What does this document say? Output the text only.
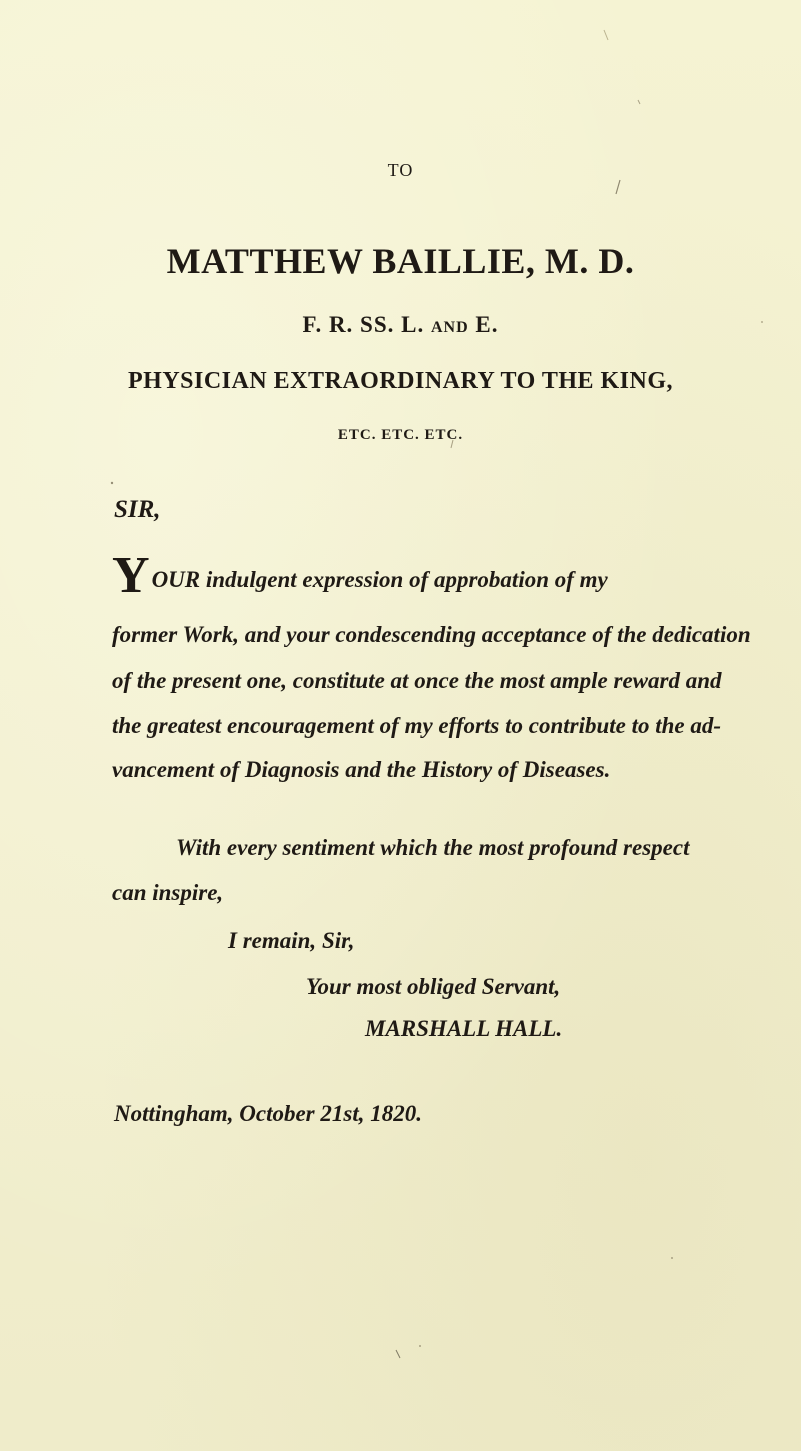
TO
MATTHEW BAILLIE, M. D.
F. R. SS. L. AND E.
PHYSICIAN EXTRAORDINARY TO THE KING,
ETC. ETC. ETC.
SIR,
YOUR indulgent expression of approbation of my
former Work, and your condescending acceptance of the dedication
of the present one, constitute at once the most ample reward and
the greatest encouragement of my efforts to contribute to the ad-
vancement of Diagnosis and the History of Diseases.
With every sentiment which the most profound respect
can inspire,
I remain, Sir,
Your most obliged Servant,
MARSHALL HALL.
Nottingham, October 21st, 1820.
